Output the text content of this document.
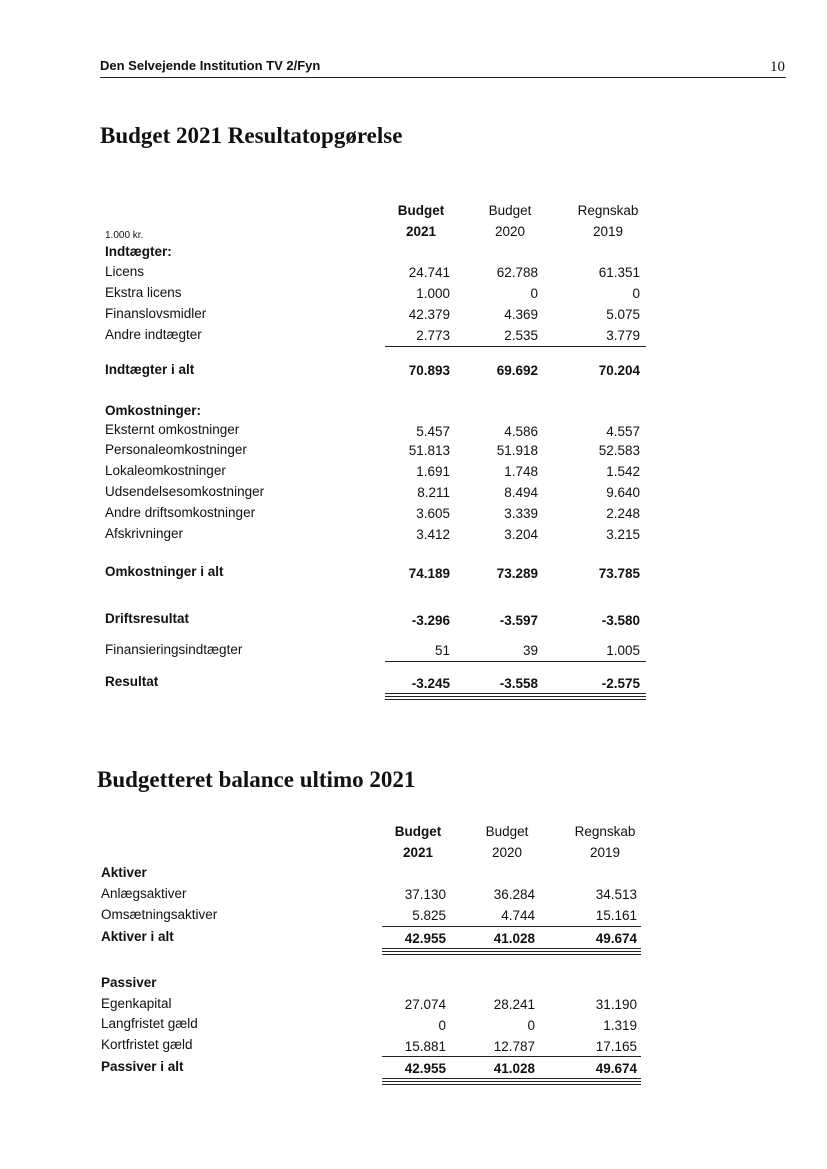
Den Selvejende Institution TV 2/Fyn	10
Budget 2021 Resultatopgørelse
Budget	Budget	Regnskab
1.000 kr.	2021	2020	2019
Indtægter:
Licens	24.741	62.788	61.351
Ekstra licens	1.000	0	0
Finanslovsmidler	42.379	4.369	5.075
Andre indtægter	2.773	2.535	3.779
Indtægter i alt	70.893	69.692	70.204
Omkostninger:
Eksternt omkostninger	5.457	4.586	4.557
Personaleomkostninger	51.813	51.918	52.583
Lokaleomkostninger	1.691	1.748	1.542
Udsendelsesomkostninger	8.211	8.494	9.640
Andre driftsomkostninger	3.605	3.339	2.248
Afskrivninger	3.412	3.204	3.215
Omkostninger i alt	74.189	73.289	73.785
Driftsresultat	-3.296	-3.597	-3.580
Finansieringsindtægter	51	39	1.005
Resultat	-3.245	-3.558	-2.575
Budgetteret balance ultimo 2021
Budget	Budget	Regnskab
2021	2020	2019
Aktiver
Anlægsaktiver	37.130	36.284	34.513
Omsætningsaktiver	5.825	4.744	15.161
Aktiver i alt	42.955	41.028	49.674
Passiver
Egenkapital	27.074	28.241	31.190
Langfristet gæld	0	0	1.319
Kortfristet gæld	15.881	12.787	17.165
Passiver i alt	42.955	41.028	49.674
